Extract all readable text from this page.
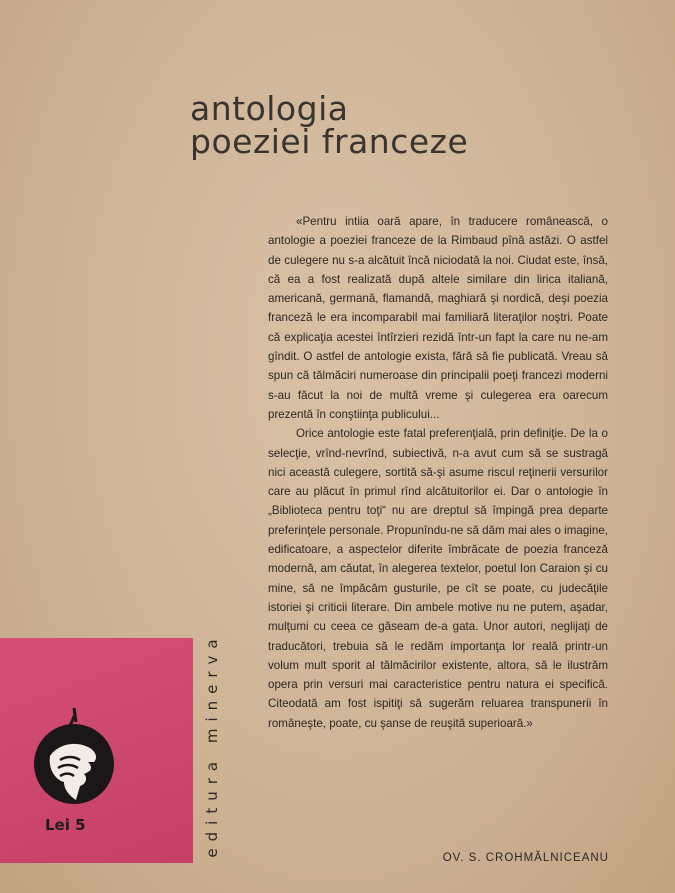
antologia
poeziei franceze

«Pentru intiia oară apare, în traducere românească, o antologie a poeziei franceze de la Rimbaud pînă astăzi. O astfel de culegere nu s-a alcătuit încă niciodată la noi. Ciudat este, însă, că ea a fost realizată după altele similare din lirica italiană, americană, germană, flamandă, maghiară şi nordică, deşi poezia franceză le era incomparabil mai familiară literaţilor noştri. Poate că explicaţia acestei întîrzieri rezidă într-un fapt la care nu ne-am gîndit. O astfel de antologie exista, fără să fie publicată. Vreau să spun că tălmăciri numeroase din principalii poeţi francezi moderni s-au făcut la noi de multă vreme şi culegerea era oarecum prezentă în conştiinţa publicului...

Orice antologie este fatal preferenţială, prin definiţie. De la o selecţie, vrînd-nevrînd, subiectivă, n-a avut cum să se sustragă nici această culegere, sortită să-şi asume riscul reţinerii versurilor care au plăcut în primul rînd alcătuitorilor ei. Dar o antologie în „Biblioteca pentru toţi“ nu are dreptul să împingă prea departe preferinţele personale. Propunîndu-ne să dăm mai ales o imagine, edificatoare, a aspectelor diferite îmbrăcate de poezia franceză modernă, am căutat, în alegerea textelor, poetul Ion Caraion şi cu mine, să ne împăcăm gusturile, pe cît se poate, cu judecăţile istoriei şi criticii literare. Din ambele motive nu ne putem, aşadar, mulţumi cu ceea ce găseam de-a gata. Unor autori, neglijaţi de traducători, trebuia să le redăm importanţa lor reală printr-un volum mult sporit al tălmăcirilor existente, altora, să le ilustrăm opera prin versuri mai caracteristice pentru natura ei specifică. Citeodată am fost ispitiţi să sugerăm reluarea transpunerii în româneşte, poate, cu şanse de reuşită superioară.»

OV. S. CROHMĂLNICEANU

editura minerva

Lei 5
